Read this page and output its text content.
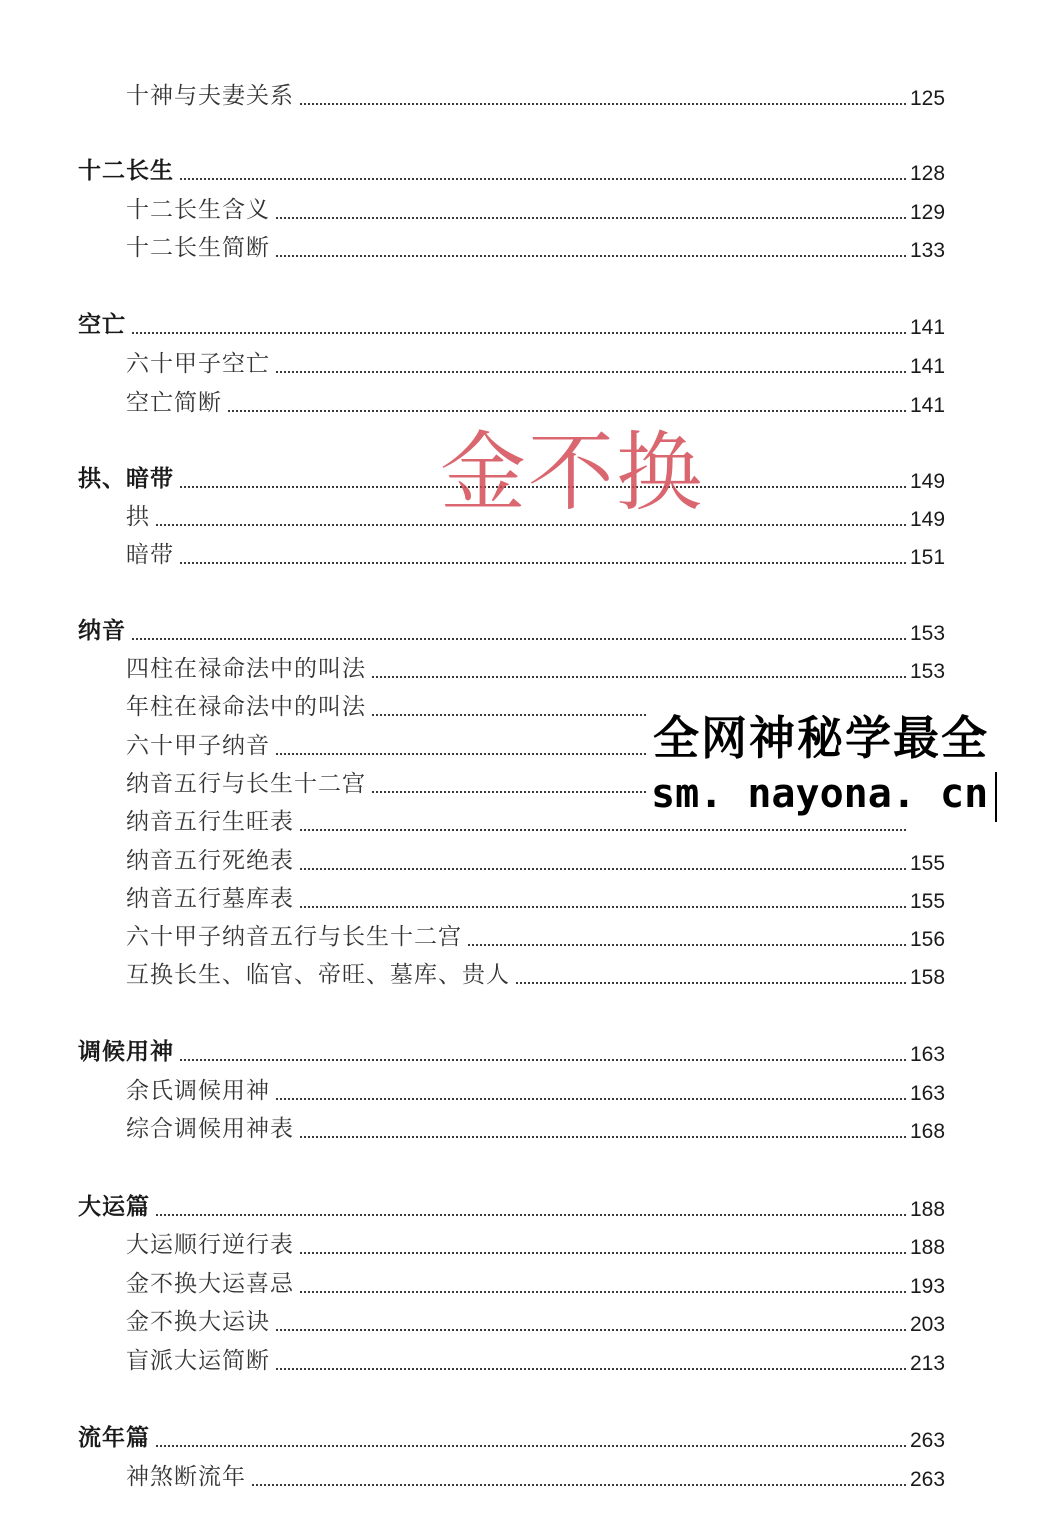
十神与夫妻关系	125
十二长生	128
十二长生含义	129
十二长生简断	133
空亡	141
六十甲子空亡	141
空亡简断	141
拱、暗带	149
拱	149
暗带	151
纳音	153
四柱在禄命法中的叫法	153
年柱在禄命法中的叫法
六十甲子纳音
纳音五行与长生十二宫
纳音五行生旺表
纳音五行死绝表	155
纳音五行墓库表	155
六十甲子纳音五行与长生十二宫	156
互换长生、临官、帝旺、墓库、贵人	158
调候用神	163
余氏调候用神	163
综合调候用神表	168
大运篇	188
大运顺行逆行表	188
金不换大运喜忌	193
金不换大运诀	203
盲派大运简断	213
流年篇	263
神煞断流年	263
金不换
全网神秘学最全
sm. nayona. cn
